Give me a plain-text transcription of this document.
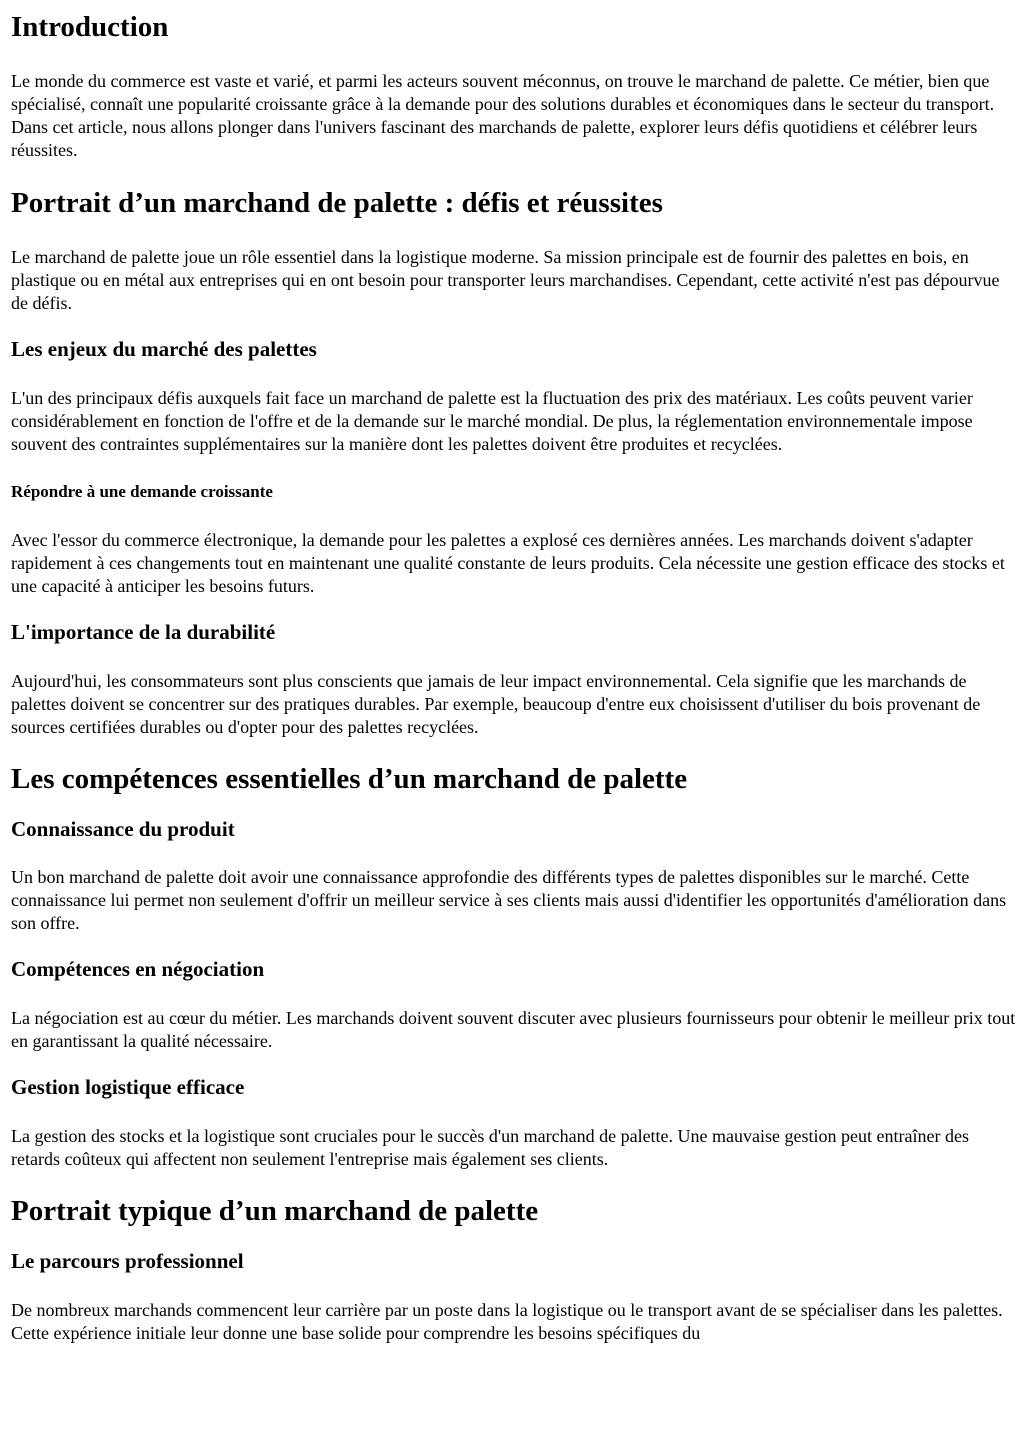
Introduction

Le monde du commerce est vaste et varié, et parmi les acteurs souvent méconnus, on trouve le marchand de palette. Ce métier, bien que spécialisé, connaît une popularité croissante grâce à la demande pour des solutions durables et économiques dans le secteur du transport. Dans cet article, nous allons plonger dans l'univers fascinant des marchands de palette, explorer leurs défis quotidiens et célébrer leurs réussites.

Portrait d’un marchand de palette : défis et réussites

Le marchand de palette joue un rôle essentiel dans la logistique moderne. Sa mission principale est de fournir des palettes en bois, en plastique ou en métal aux entreprises qui en ont besoin pour transporter leurs marchandises. Cependant, cette activité n'est pas dépourvue de défis.

Les enjeux du marché des palettes

L'un des principaux défis auxquels fait face un marchand de palette est la fluctuation des prix des matériaux. Les coûts peuvent varier considérablement en fonction de l'offre et de la demande sur le marché mondial. De plus, la réglementation environnementale impose souvent des contraintes supplémentaires sur la manière dont les palettes doivent être produites et recyclées.

Répondre à une demande croissante

Avec l'essor du commerce électronique, la demande pour les palettes a explosé ces dernières années. Les marchands doivent s'adapter rapidement à ces changements tout en maintenant une qualité constante de leurs produits. Cela nécessite une gestion efficace des stocks et une capacité à anticiper les besoins futurs.

L'importance de la durabilité

Aujourd'hui, les consommateurs sont plus conscients que jamais de leur impact environnemental. Cela signifie que les marchands de palettes doivent se concentrer sur des pratiques durables. Par exemple, beaucoup d'entre eux choisissent d'utiliser du bois provenant de sources certifiées durables ou d'opter pour des palettes recyclées.

Les compétences essentielles d’un marchand de palette
Connaissance du produit

Un bon marchand de palette doit avoir une connaissance approfondie des différents types de palettes disponibles sur le marché. Cette connaissance lui permet non seulement d'offrir un meilleur service à ses clients mais aussi d'identifier les opportunités d'amélioration dans son offre.

Compétences en négociation

La négociation est au cœur du métier. Les marchands doivent souvent discuter avec plusieurs fournisseurs pour obtenir le meilleur prix tout en garantissant la qualité nécessaire.

Gestion logistique efficace

La gestion des stocks et la logistique sont cruciales pour le succès d'un marchand de palette. Une mauvaise gestion peut entraîner des retards coûteux qui affectent non seulement l'entreprise mais également ses clients.

Portrait typique d’un marchand de palette
Le parcours professionnel

De nombreux marchands commencent leur carrière par un poste dans la logistique ou le transport avant de se spécialiser dans les palettes. Cette expérience initiale leur donne une base solide pour comprendre les besoins spécifiques du
